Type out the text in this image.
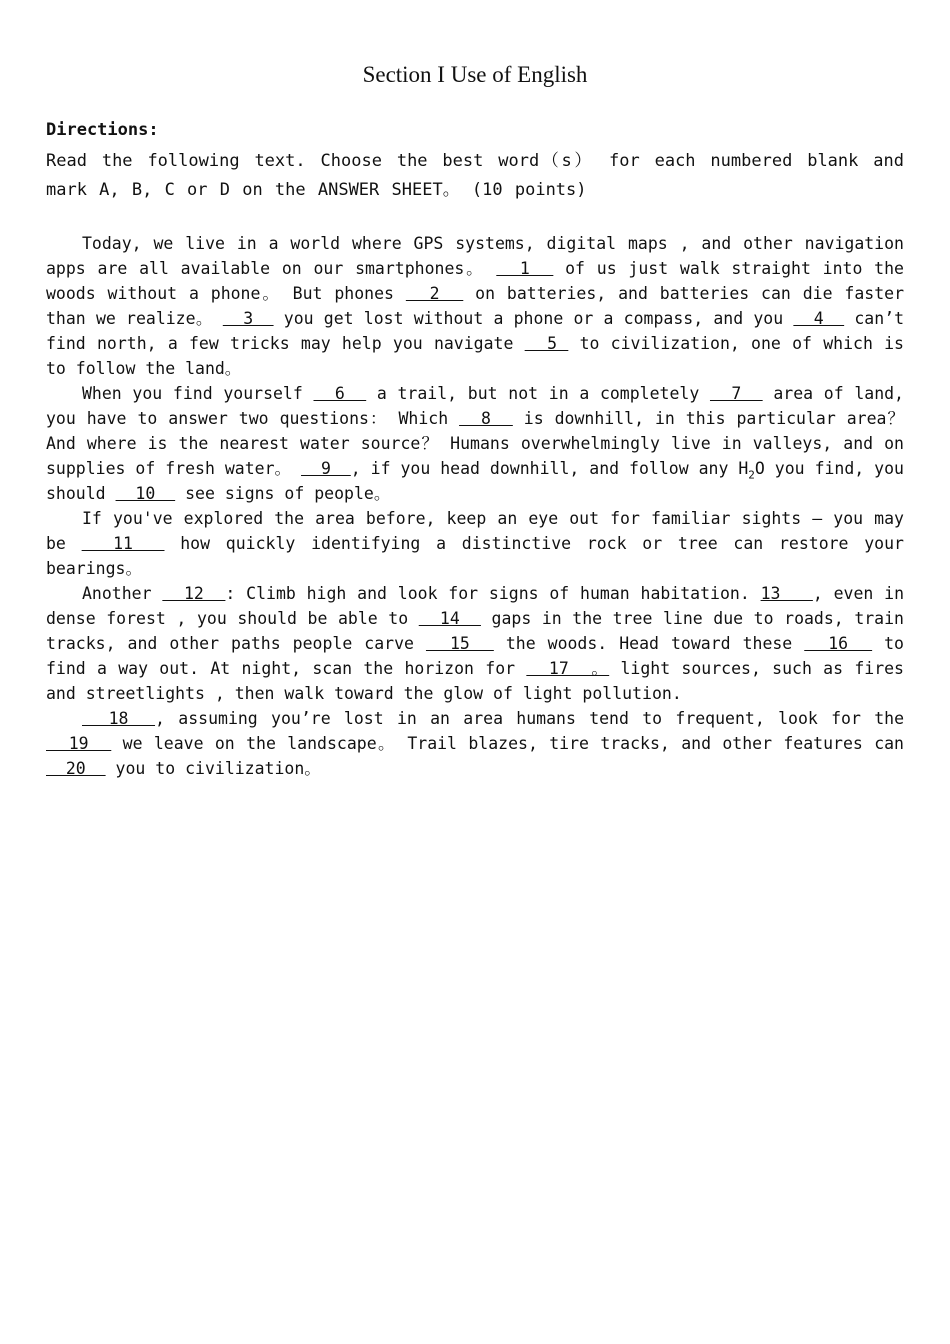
Section I Use of English
Directions:
Read the following text. Choose the best word（s） for each numbered blank and mark A, B, C or D on the ANSWER SHEET。 (10 points)

Today, we live in a world where GPS systems, digital maps , and other navigation apps are all available on our smartphones。   1   of us just walk straight into the woods without a phone。 But phones   2   on batteries, and batteries can die faster than we realize。   3   you get lost without a phone or a compass, and you   4   can’t find north, a few tricks may help you navigate   5  to civilization, one of which is to follow the land。

When you find yourself   6   a trail, but not in a completely   7   area of land, you have to answer two questions： Which   8   is downhill, in this particular area？ And where is the nearest water source？ Humans overwhelmingly live in valleys, and on supplies of fresh water。   9  , if you head downhill, and follow any $H_2O$ you find, you should   10   see signs of people。

If you've explored the area before, keep an eye out for familiar sights – you may be   11   how quickly identifying a distinctive rock or tree can restore your bearings。

Another   12  : Climb high and look for signs of human habitation. 13   , even in dense forest , you should be able to   14   gaps in the tree line due to roads, train tracks, and other paths people carve   15   the woods. Head toward these   16   to find a way out. At night, scan the horizon for   17  。 light sources, such as fires and streetlights , then walk toward the glow of light pollution.

18  , assuming you’re lost in an area humans tend to frequent, look for the   19   we leave on the landscape。 Trail blazes, tire tracks, and other features can   20   you to civilization。
